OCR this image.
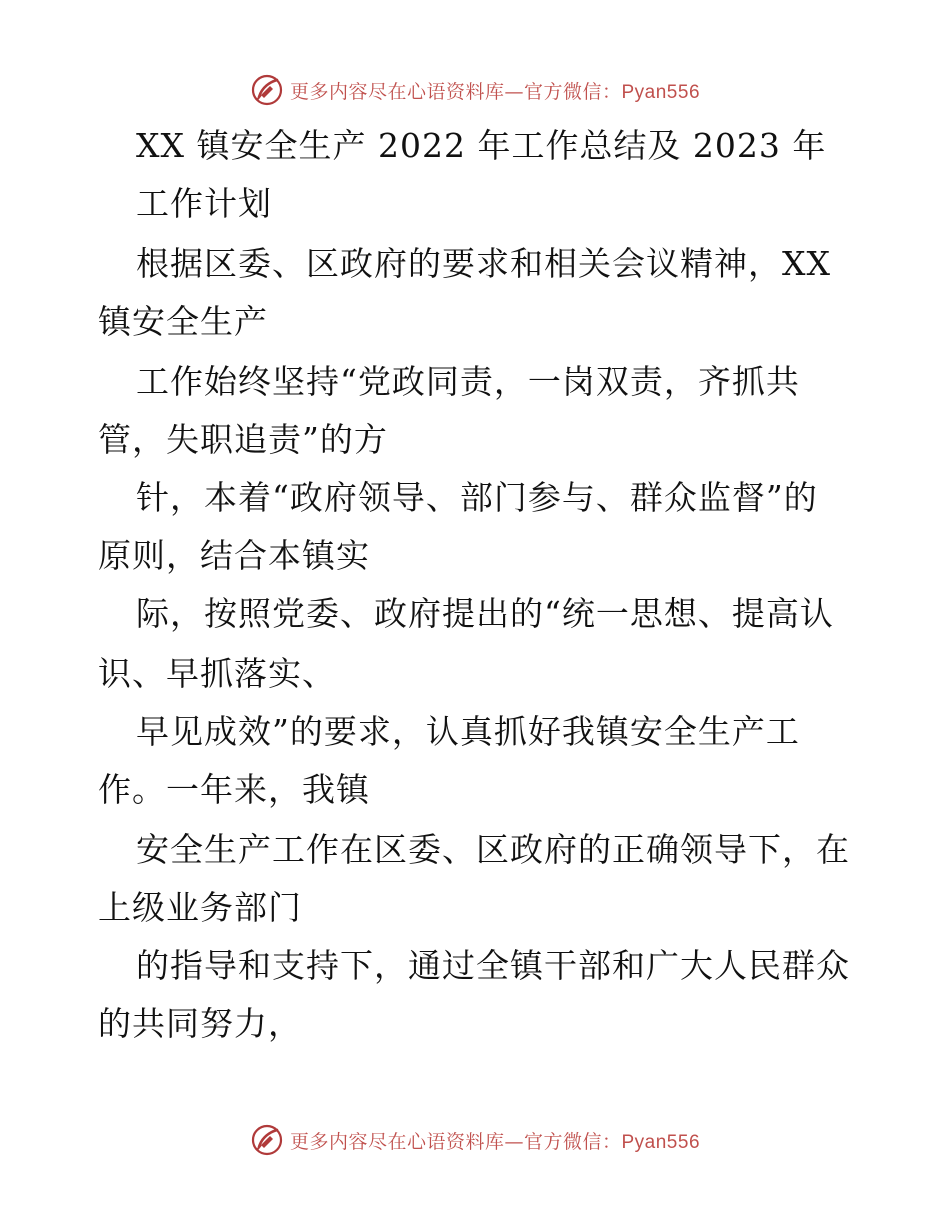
更多内容尽在心语资料库—官方微信：Pyan556
XX 镇安全生产 2022 年工作总结及 2023 年
工作计划
根据区委、区政府的要求和相关会议精神，XX
镇安全生产
工作始终坚持“党政同责，一岗双责，齐抓共
管，失职追责”的方
针，本着“政府领导、部门参与、群众监督”的
原则，结合本镇实
际，按照党委、政府提出的“统一思想、提高认
识、早抓落实、
早见成效”的要求，认真抓好我镇安全生产工
作。一年来，我镇
安全生产工作在区委、区政府的正确领导下，在
上级业务部门
的指导和支持下，通过全镇干部和广大人民群众
的共同努力，
更多内容尽在心语资料库—官方微信：Pyan556
